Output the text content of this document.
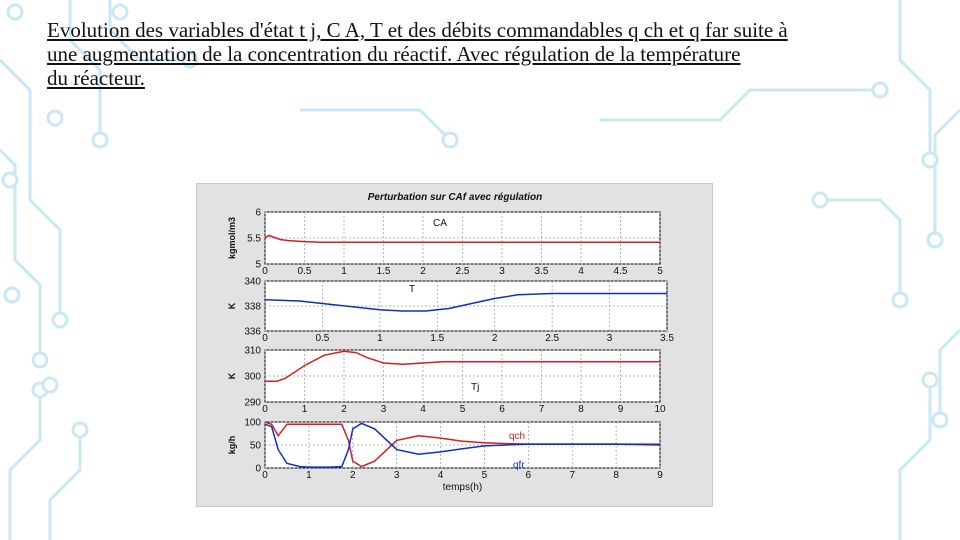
Evolution des variables d'état t j, C A, T et des débits commandables q ch et q far suite à
une augmentation de la concentration du réactif. Avec régulation de la température
du réacteur.
Perturbation sur CAf avec régulation
0	0.5	1	1.5	2	2.5	3	3.5	4	4.5	5
5
5.5
6
kgmol/m3	CA
0	0.5	1	1.5	2	2.5	3	3.5
336
338
340
K
T
0	1	2	3	4	5	6	7	8	9	10
290
300
310
K
Tj
0	1	2	3	4	5	6	7	8	9
0
50
100
kg/h
temps(h)
qch
qfr
